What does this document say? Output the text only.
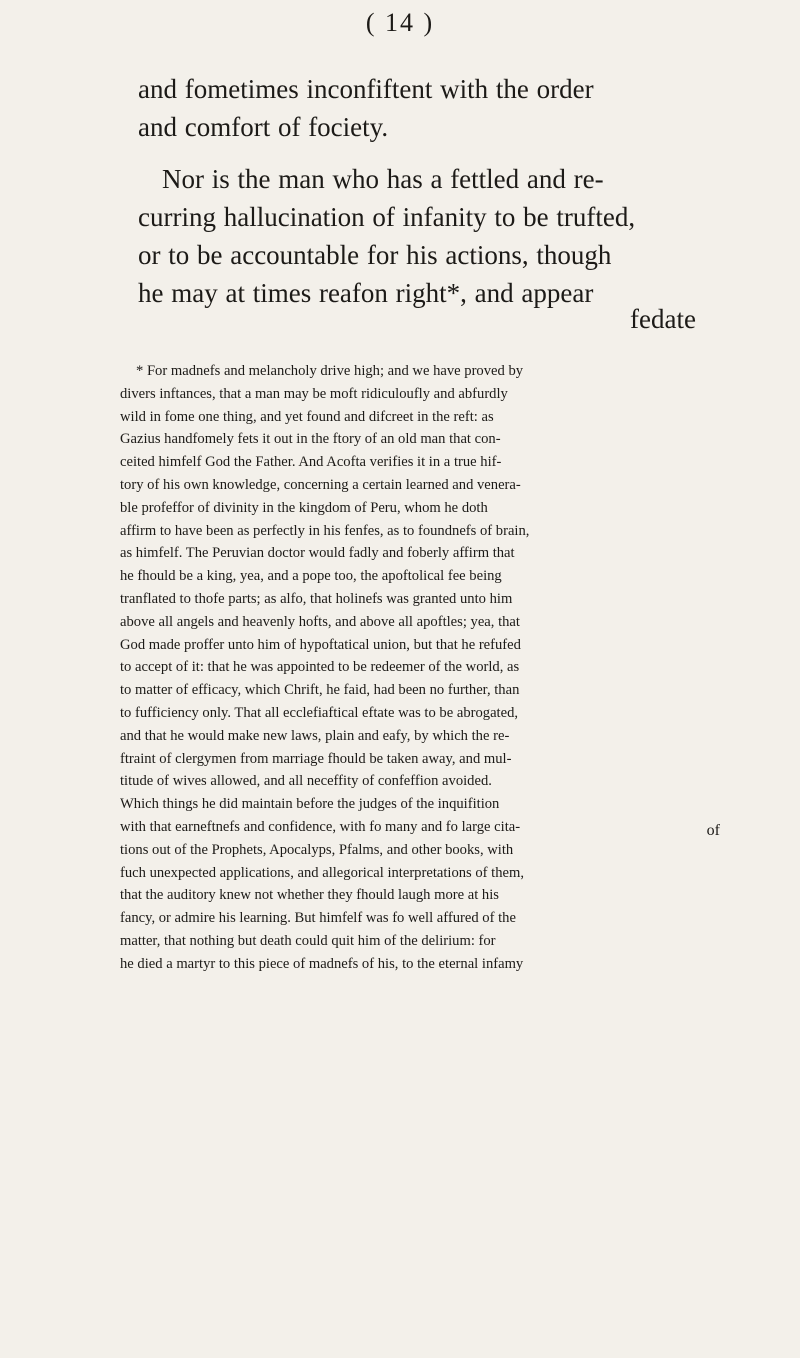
( 14 )
and fometimes inconfiftent with the order
and comfort of fociety.
Nor is the man who has a fettled and re-
curring hallucination of infanity to be trufted,
or to be accountable for his actions, though
he may at times reafon right*, and appear
fedate
* For madnefs and melancholy drive high; and we have proved by
divers inftances, that a man may be moft ridiculoufly and abfurdly
wild in fome one thing, and yet found and difcreet in the reft: as
Gazius handfomely fets it out in the ftory of an old man that con-
ceited himfelf God the Father. And Acofta verifies it in a true hif-
tory of his own knowledge, concerning a certain learned and venera-
ble profeffor of divinity in the kingdom of Peru, whom he doth
affirm to have been as perfectly in his fenfes, as to foundnefs of brain,
as himfelf. The Peruvian doctor would fadly and foberly affirm that
he fhould be a king, yea, and a pope too, the apoftolical fee being
tranflated to thofe parts; as alfo, that holinefs was granted unto him
above all angels and heavenly hofts, and above all apoftles; yea, that
God made proffer unto him of hypoftatical union, but that he refufed
to accept of it: that he was appointed to be redeemer of the world, as
to matter of efficacy, which Chrift, he faid, had been no further, than
to fufficiency only. That all ecclefiaftical eftate was to be abrogated,
and that he would make new laws, plain and eafy, by which the re-
ftraint of clergymen from marriage fhould be taken away, and mul-
titude of wives allowed, and all neceffity of confeffion avoided.
Which things he did maintain before the judges of the inquifition
with that earneftnefs and confidence, with fo many and fo large cita-
tions out of the Prophets, Apocalyps, Pfalms, and other books, with
fuch unexpected applications, and allegorical interpretations of them,
that the auditory knew not whether they fhould laugh more at his
fancy, or admire his learning. But himfelf was fo well affured of the
matter, that nothing but death could quit him of the delirium: for
he died a martyr to this piece of madnefs of his, to the eternal infamy
of
